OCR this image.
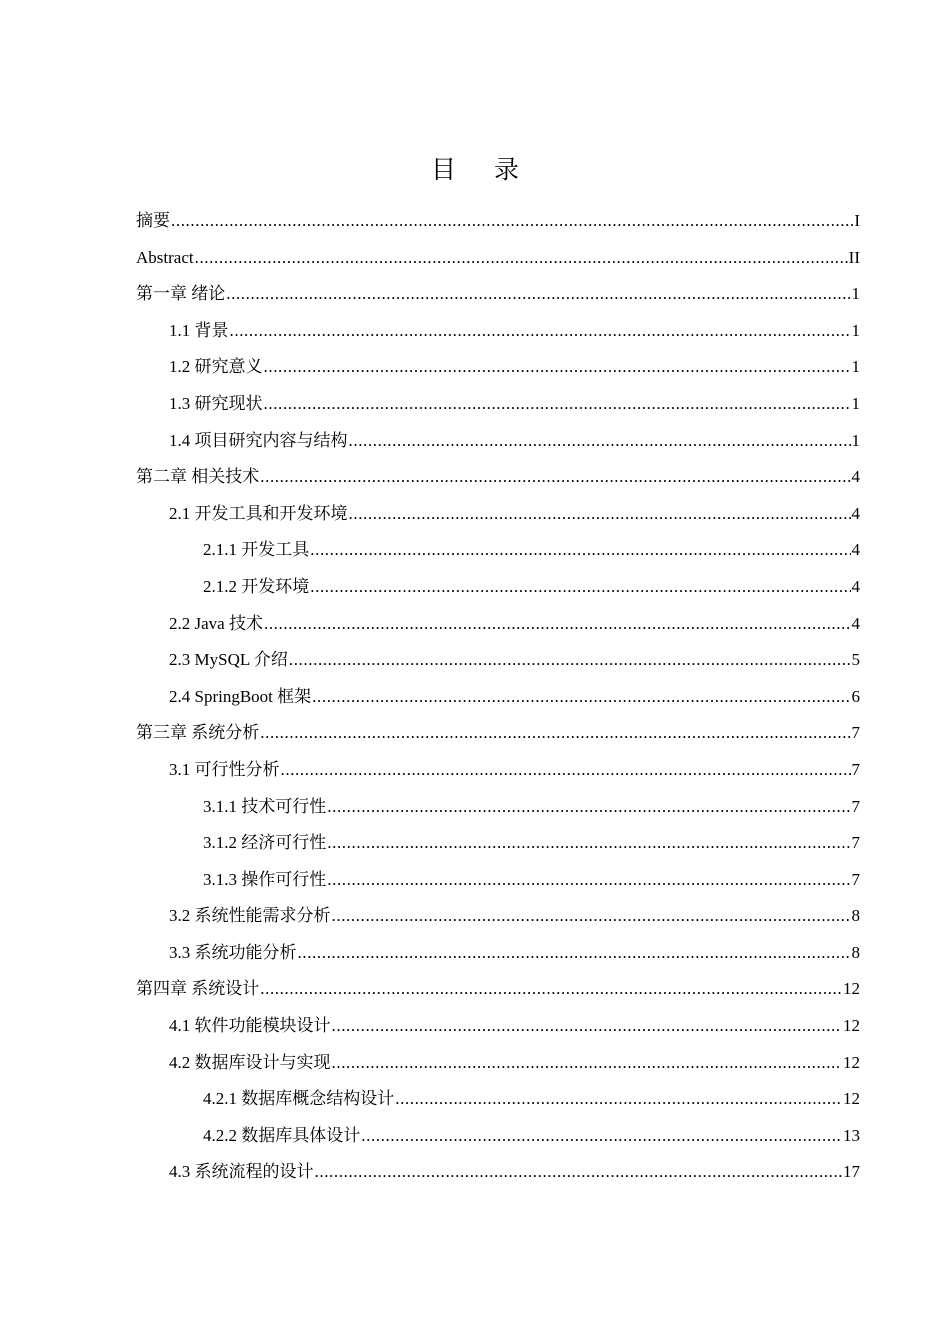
目录
摘要 .....	I
Abstract .....	II
第一章 绪论 .....	1
1.1 背景 .....	1
1.2 研究意义 .....	1
1.3 研究现状 .....	1
1.4 项目研究内容与结构 .....	1
第二章 相关技术 .....	4
2.1 开发工具和开发环境 .....	4
2.1.1 开发工具 .....	4
2.1.2 开发环境 .....	4
2.2 Java 技术 .....	4
2.3 MySQL 介绍 .....	5
2.4 SpringBoot 框架 .....	6
第三章 系统分析 .....	7
3.1 可行性分析 .....	7
3.1.1 技术可行性 .....	7
3.1.2 经济可行性 .....	7
3.1.3 操作可行性 .....	7
3.2 系统性能需求分析 .....	8
3.3 系统功能分析 .....	8
第四章 系统设计 .....	12
4.1 软件功能模块设计 .....	12
4.2 数据库设计与实现 .....	12
4.2.1 数据库概念结构设计 .....	12
4.2.2 数据库具体设计 .....	13
4.3 系统流程的设计 .....	17
